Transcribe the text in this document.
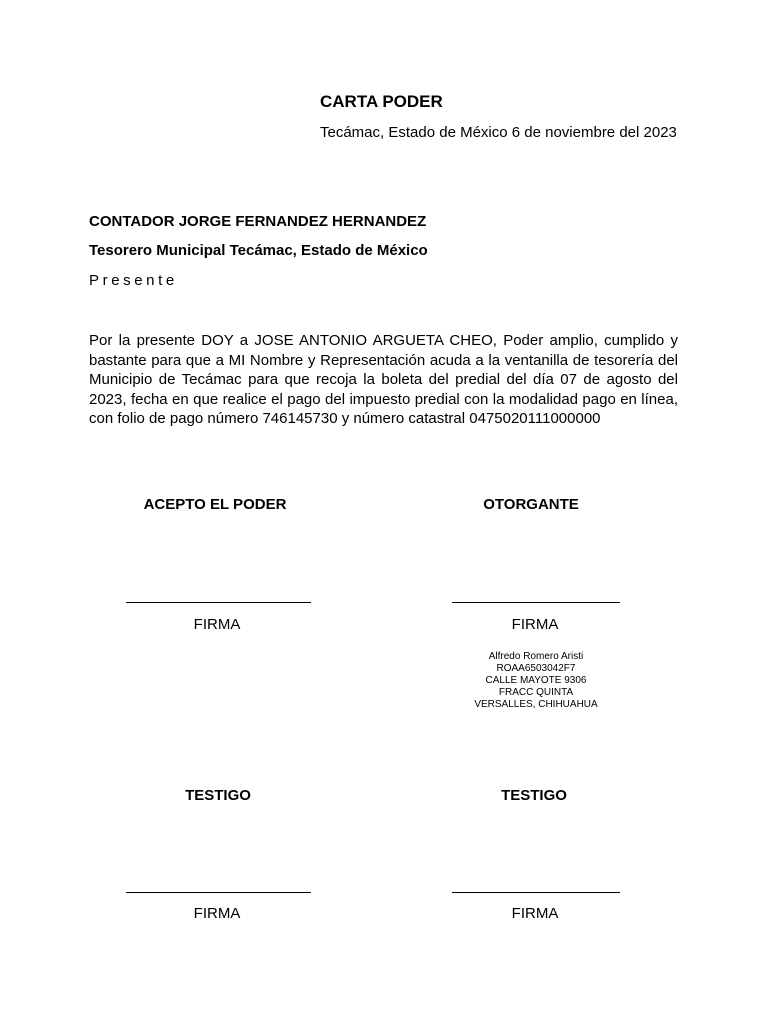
CARTA PODER
Tecámac, Estado de México 6 de noviembre del 2023
CONTADOR JORGE FERNANDEZ HERNANDEZ
Tesorero Municipal Tecámac, Estado de México
Presente
Por la presente DOY a JOSE ANTONIO ARGUETA CHEO, Poder amplio, cumplido y bastante para que a MI Nombre y Representación acuda a la ventanilla de tesorería del Municipio de Tecámac para que recoja la boleta del predial del día 07 de agosto del 2023, fecha en que realice el pago del impuesto predial con la modalidad pago en línea, con folio de pago número 746145730 y número catastral 0475020111000000
ACEPTO EL PODER	OTORGANTE
FIRMA	FIRMA
Alfredo Romero Aristi
ROAA6503042F7
CALLE MAYOTE 9306
FRACC QUINTA
VERSALLES, CHIHUAHUA
TESTIGO	TESTIGO
FIRMA	FIRMA
